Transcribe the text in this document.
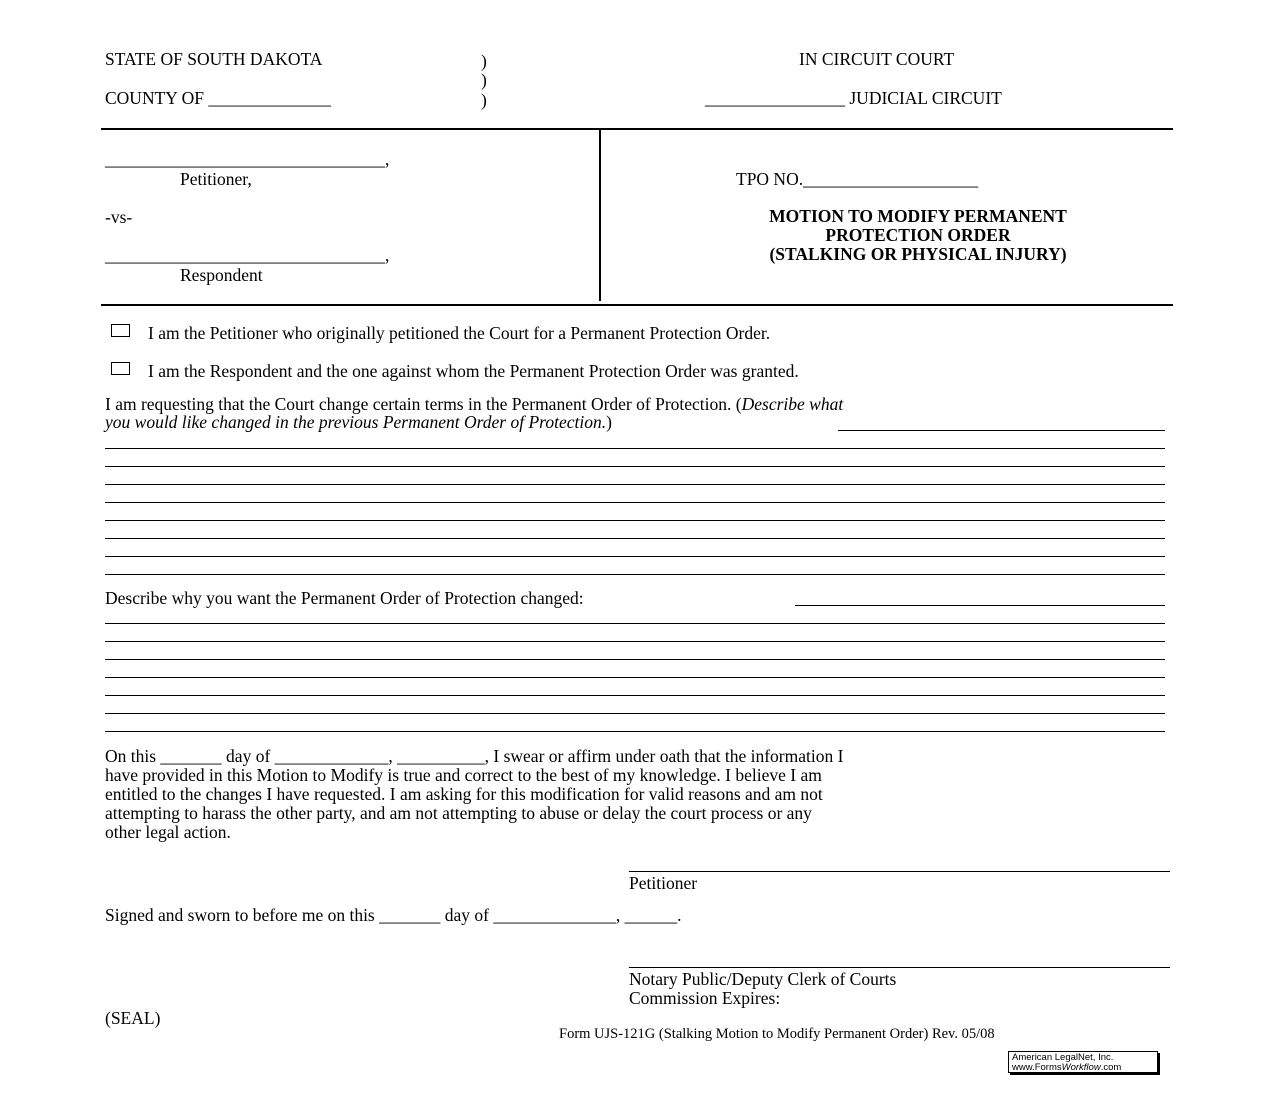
STATE OF SOUTH DAKOTA	)
)
)
COUNTY OF ______________
IN CIRCUIT COURT
________________ JUDICIAL CIRCUIT
________________________________,
Petitioner,
-vs-
________________________________,
Respondent
TPO NO.____________________
MOTION TO MODIFY PERMANENT
PROTECTION ORDER
(STALKING OR PHYSICAL INJURY)
I am the Petitioner who originally petitioned the Court for a Permanent Protection Order.
I am the Respondent and the one against whom the Permanent Protection Order was granted.
I am requesting that the Court change certain terms in the Permanent Order of Protection. (Describe what
you would like changed in the previous Permanent Order of Protection.)
Describe why you want the Permanent Order of Protection changed:
On this _______ day of _____________, __________, I swear or affirm under oath that the information I
have provided in this Motion to Modify is true and correct to the best of my knowledge. I believe I am
entitled to the changes I have requested. I am asking for this modification for valid reasons and am not
attempting to harass the other party, and am not attempting to abuse or delay the court process or any
other legal action.
Petitioner
Signed and sworn to before me on this _______ day of ______________, ______.
Notary Public/Deputy Clerk of Courts
Commission Expires:
(SEAL)
Form UJS-121G (Stalking Motion to Modify Permanent Order) Rev. 05/08
American LegalNet, Inc.
www.FormsWorkflow.com
